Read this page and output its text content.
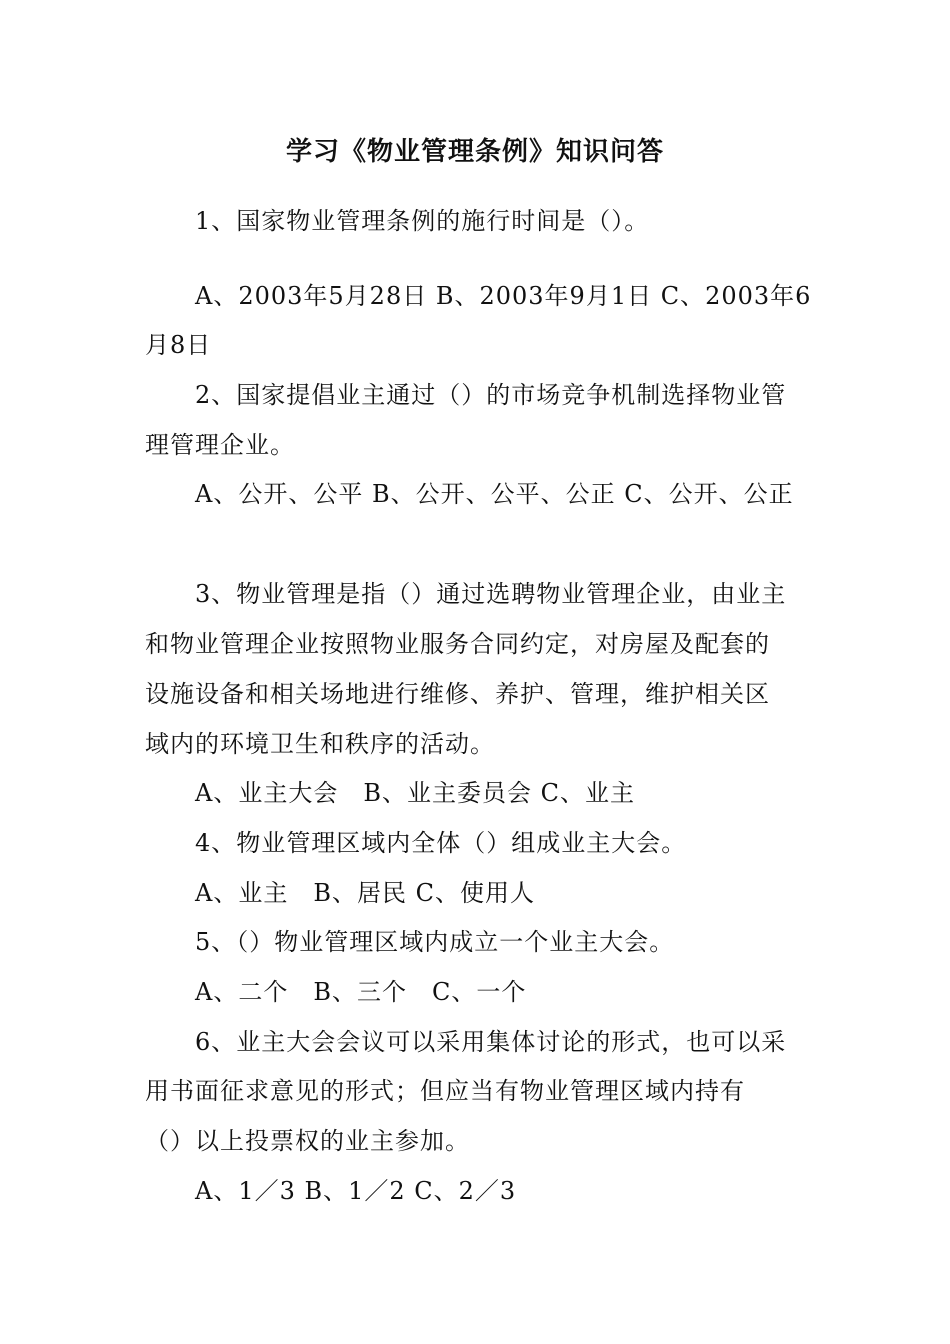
学习《物业管理条例》知识问答
1、国家物业管理条例的施行时间是（）。
A、2003年5月28日 B、2003年9月1日 C、2003年6
月8日
2、国家提倡业主通过（）的市场竞争机制选择物业管
理管理企业。
A、公开、公平 B、公开、公平、公正 C、公开、公正
3、物业管理是指（）通过选聘物业管理企业，由业主
和物业管理企业按照物业服务合同约定，对房屋及配套的
设施设备和相关场地进行维修、养护、管理，维护相关区
域内的环境卫生和秩序的活动。
A、业主大会　B、业主委员会 C、业主
4、物业管理区域内全体（）组成业主大会。
A、业主　B、居民 C、使用人
5、（）物业管理区域内成立一个业主大会。
A、二个　B、三个　C、一个
6、业主大会会议可以采用集体讨论的形式，也可以采
用书面征求意见的形式；但应当有物业管理区域内持有
（）以上投票权的业主参加。
A、1／3 B、1／2 C、2／3
